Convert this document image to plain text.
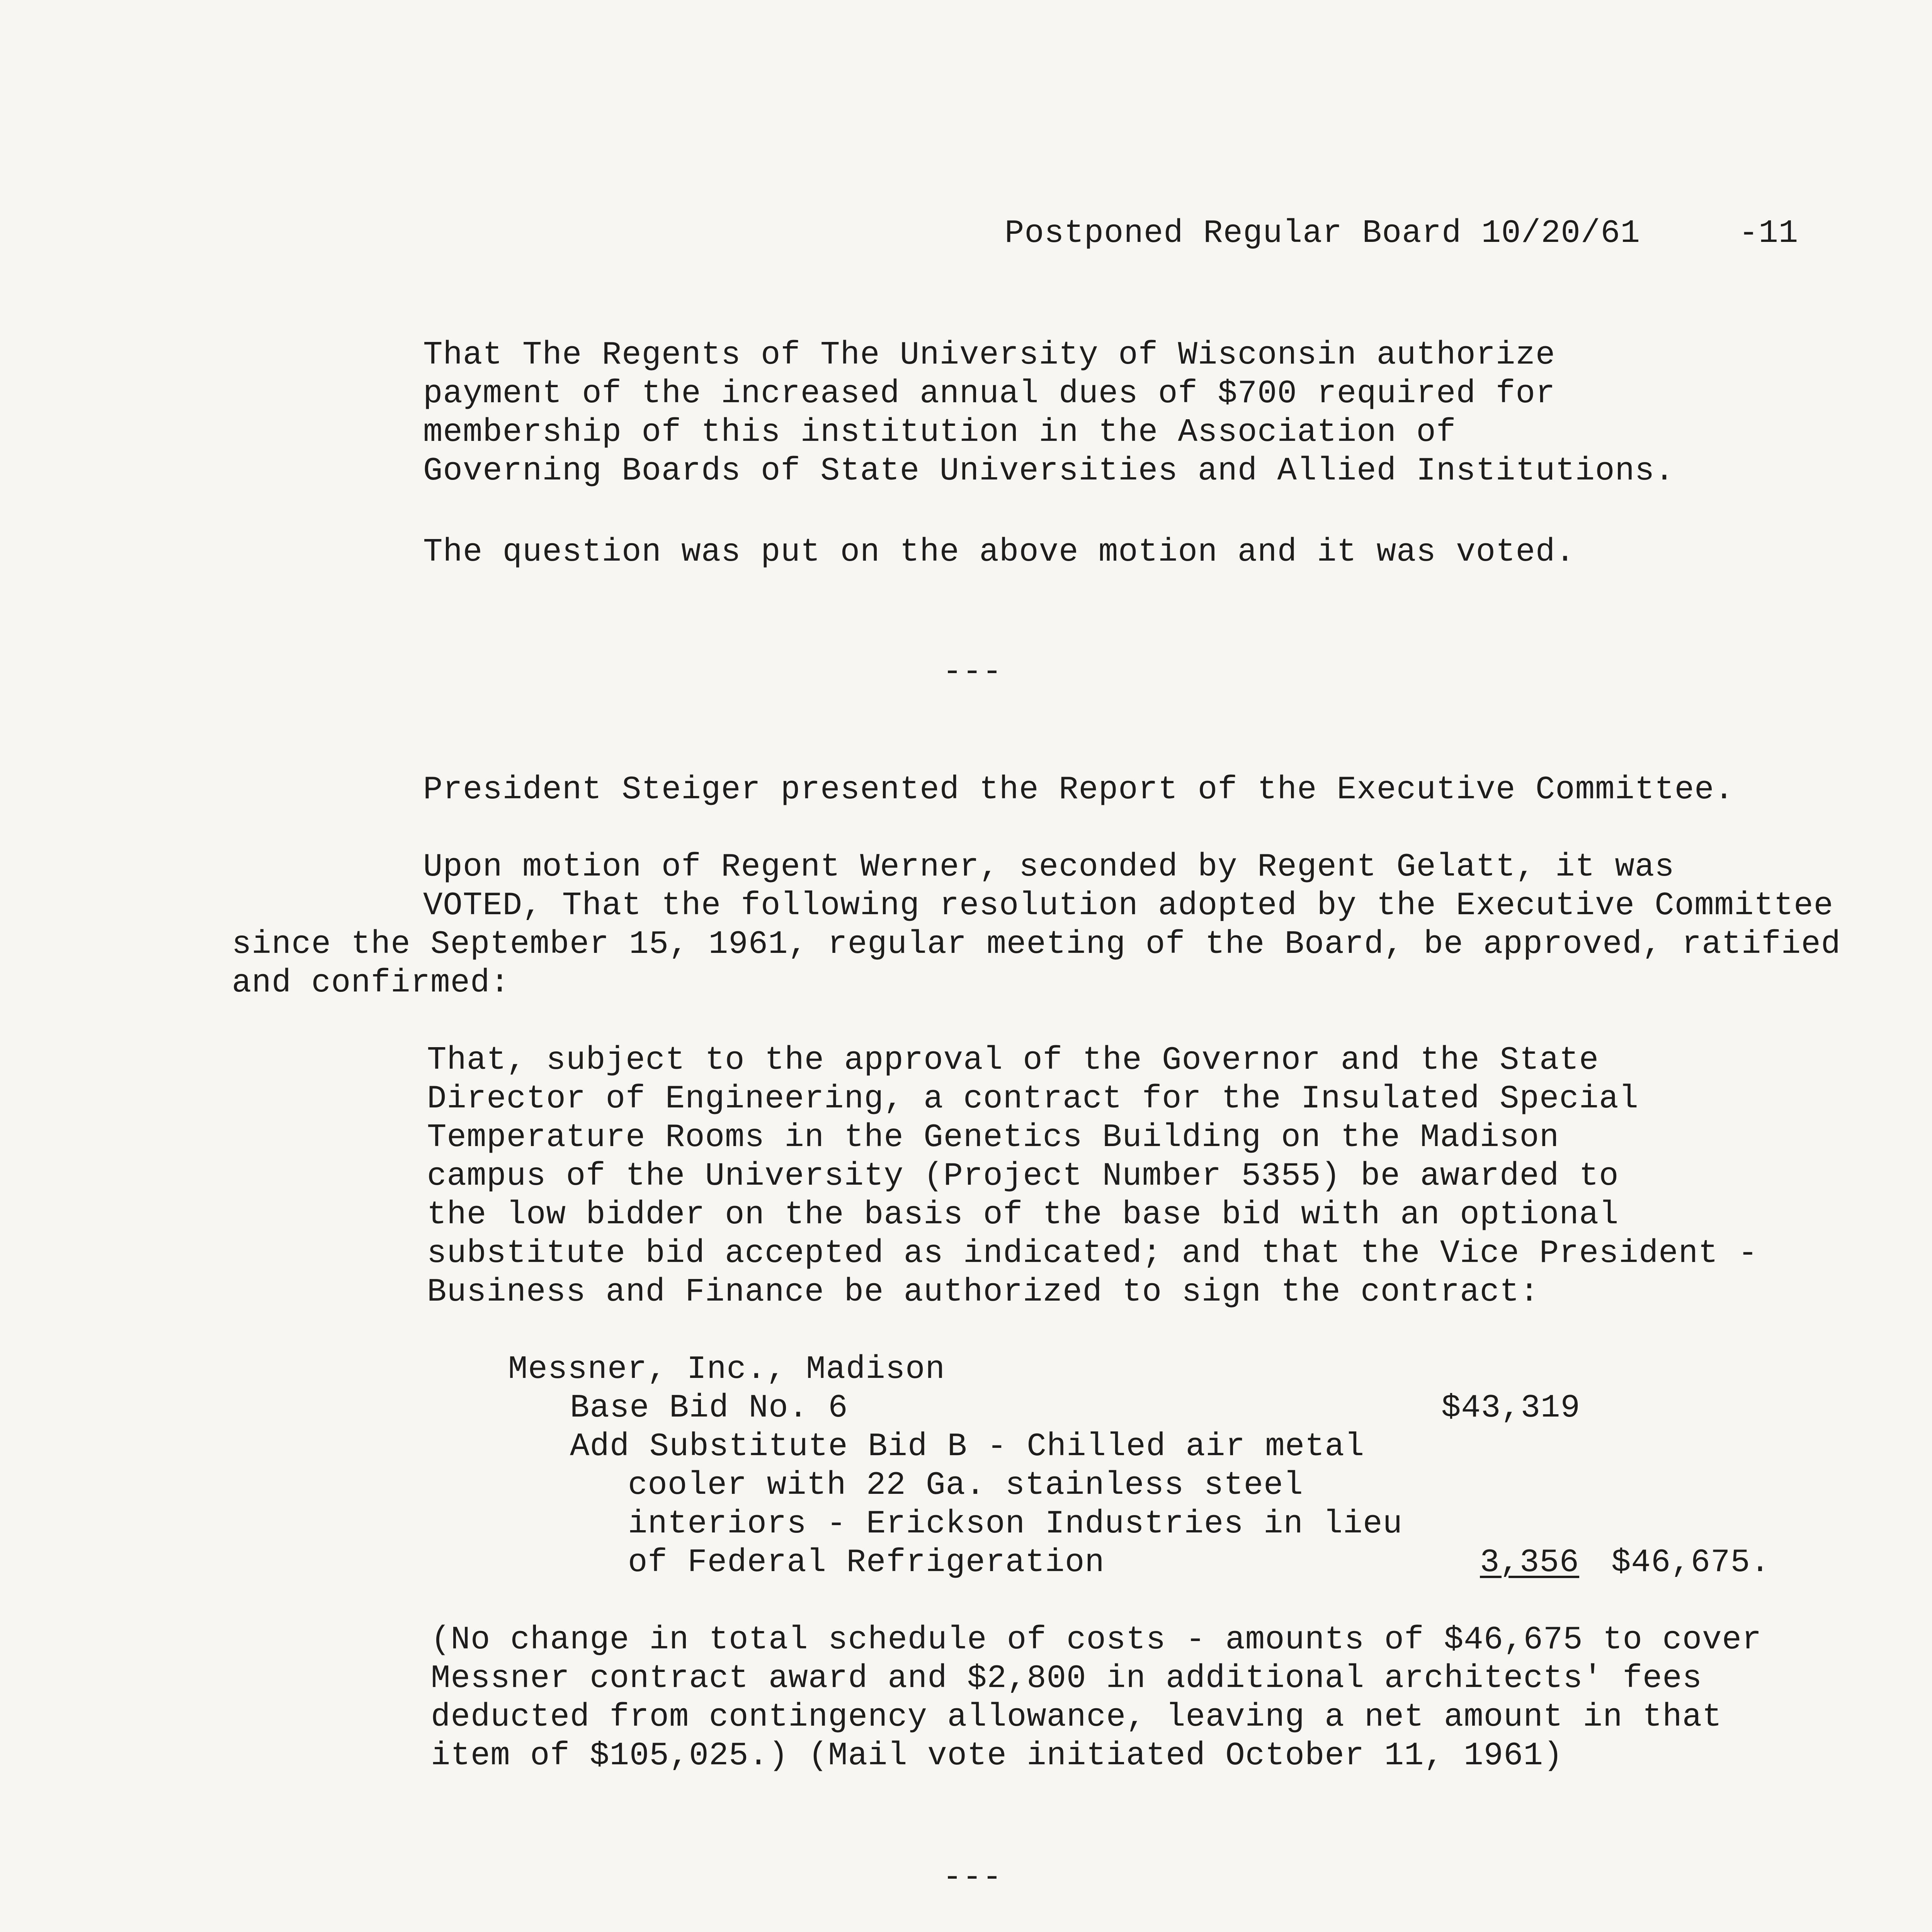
Postponed Regular Board 10/20/61	-11
That The Regents of The University of Wisconsin authorize
payment of the increased annual dues of $700 required for
membership of this institution in the Association of
Governing Boards of State Universities and Allied Institutions.
The question was put on the above motion and it was voted.
---
President Steiger presented the Report of the Executive Committee.
Upon motion of Regent Werner, seconded by Regent Gelatt, it was
VOTED, That the following resolution adopted by the Executive Committee
since the September 15, 1961, regular meeting of the Board, be approved, ratified
and confirmed:
That, subject to the approval of the Governor and the State
Director of Engineering, a contract for the Insulated Special
Temperature Rooms in the Genetics Building on the Madison
campus of the University (Project Number 5355) be awarded to
the low bidder on the basis of the base bid with an optional
substitute bid accepted as indicated; and that the Vice President -
Business and Finance be authorized to sign the contract:
Messner, Inc., Madison
Base Bid No. 6	$43,319
Add Substitute Bid B - Chilled air metal
cooler with 22 Ga. stainless steel
interiors - Erickson Industries in lieu
of Federal Refrigeration	3,356 $46,675.
(No change in total schedule of costs - amounts of $46,675 to cover
Messner contract award and $2,800 in additional architects' fees
deducted from contingency allowance, leaving a net amount in that
item of $105,025.) (Mail vote initiated October 11, 1961)
---
